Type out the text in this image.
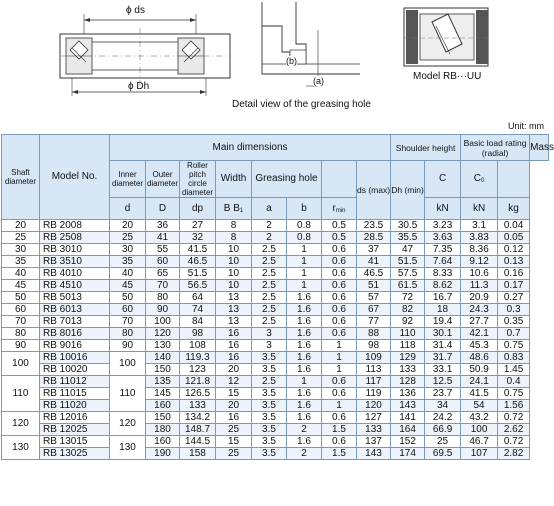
ϕ ds
ϕ Dh
(b)
(a)
Detail view of the greasing hole
Model RB···UU
Unit: mm
Shaft diameter	Model No.	Main dimensions								Shoulder height		Basic load rating (radial)		Mass
		Inner diameter	Outer diameter	Roller pitch circle diameter	Width	Greasing hole			ds (max)	Dh (min)	C	$C_0$	
		d	D	dp	B $B_1$	a	b	$r_{min}$			kN	kN	kg	
20	RB 2008	20	36	27	8	2	0.8	0.5	23.5	30.5	3.23	3.1	0.04	
25	RB 2508	25	41	32	8	2	0.8	0.5	28.5	35.5	3.63	3.83	0.05	
30	RB 3010	30	55	41.5	10	2.5	1	0.6	37	47	7.35	8.36	0.12	
35	RB 3510	35	60	46.5	10	2.5	1	0.6	41	51.5	7.64	9.12	0.13	
40	RB 4010	40	65	51.5	10	2.5	1	0.6	46.5	57.5	8.33	10.6	0.16	
45	RB 4510	45	70	56.5	10	2.5	1	0.6	51	61.5	8.62	11.3	0.17	
50	RB 5013	50	80	64	13	2.5	1.6	0.6	57	72	16.7	20.9	0.27	
60	RB 6013	60	90	74	13	2.5	1.6	0.6	67	82	18	24.3	0.3	
70	RB 7013	70	100	84	13	2.5	1.6	0.6	77	92	19.4	27.7	0.35	
80	RB 8016	80	120	98	16	3	1.6	0.6	88	110	30.1	42.1	0.7	
90	RB 9016	90	130	108	16	3	1.6	1	98	118	31.4	45.3	0.75	
100	RB 10016	100	140	119.3	16	3.5	1.6	1	109	129	31.7	48.6	0.83	
	RB 10020		150	123	20	3.5	1.6	1	113	133	33.1	50.9	1.45	
110	RB 11012	110	135	121.8	12	2.5	1	0.6	117	128	12.5	24.1	0.4	
	RB 11015		145	126.5	15	3.5	1.6	0.6	119	136	23.7	41.5	0.75	
	RB 11020		160	133	20	3.5	1.6	1	120	143	34	54	1.56	
120	RB 12016	120	150	134.2	16	3.5	1.6	0.6	127	141	24.2	43.2	0.72	
	RB 12025		180	148.7	25	3.5	2	1.5	133	164	66.9	100	2.62	
130	RB 13015	130	160	144.5	15	3.5	1.6	0.6	137	152	25	46.7	0.72	
	RB 13025		190	158	25	3.5	2	1.5	143	174	69.5	107	2.82	
